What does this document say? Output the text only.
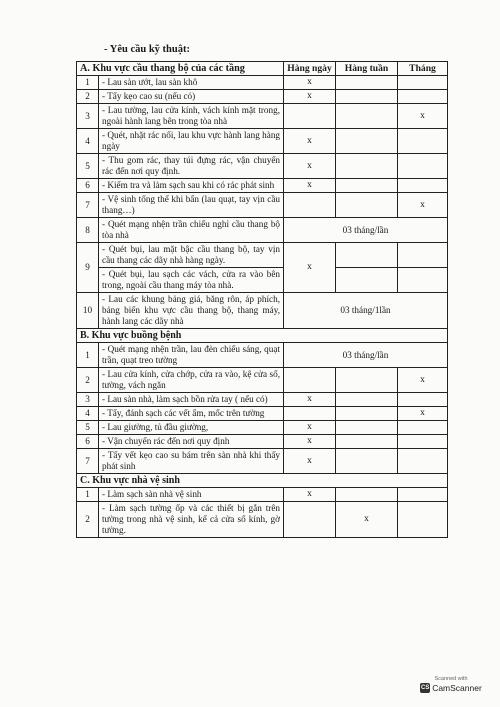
- Yêu cầu kỹ thuật:
A. Khu vực cầu thang bộ của các tầng		Hàng ngày	Hàng tuần	Tháng
1	- Lau sàn ướt, lau sàn khô	x		
2	- Tẩy kẹo cao su (nếu có)	x		
3	- Lau tường, lau cửa kính, vách kính mặt trong, ngoài hành lang bên trong tòa nhà			x
4	- Quét, nhặt rác nổi, lau khu vực hành lang hàng ngày	x		
5	- Thu gom rác, thay túi đựng rác, vận chuyển rác đến nơi quy định.	x		
6	- Kiểm tra và làm sạch sau khi có rác phát sinh	x		
7	- Vệ sinh tổng thể khi bẩn (lau quạt, tay vịn cầu thang…)			x
8	- Quét mạng nhện trần chiếu nghỉ cầu thang bộ tòa nhà	03 tháng/lần		
9	- Quét bụi, lau mặt bậc cầu thang bộ, tay vịn cầu thang các dãy nhà hàng ngày.	x		
	- Quét bụi, lau sạch các vách, cửa ra vào bên trong, ngoài cầu thang máy tòa nhà.			
10	- Lau các khung bảng giá, băng rôn, áp phích, bảng biển khu vực cầu thang bộ, thang máy, hành lang các dãy nhà	03 tháng/1lần		
B. Khu vực buồng bệnh				
1	- Quét mạng nhện trần, lau đèn chiếu sáng, quạt trần, quạt treo tường	03 tháng/lần		
2	- Lau cửa kính, cửa chớp, cửa ra vào, kệ cửa sổ, tường, vách ngăn			x
3	- Lau sàn nhà, làm sạch bồn rửa tay ( nếu có)	x		
4	- Tẩy, đánh sạch các vết ẩm, mốc trên tường			x
5	- Lau giường, tủ đầu giường,	x		
6	- Vận chuyển rác đến nơi quy định	x		
7	- Tẩy vết kẹo cao su bám trên sàn nhà khi thấy phát sinh	x		
C. Khu vực nhà vệ sinh				
1	- Làm sạch sàn nhà vệ sinh	x		
2	- Làm sạch tường ốp và các thiết bị gắn trên tường trong nhà vệ sinh, kể cả cửa sổ kính, gờ tường.		x	
Scanned with
CS CamScanner
